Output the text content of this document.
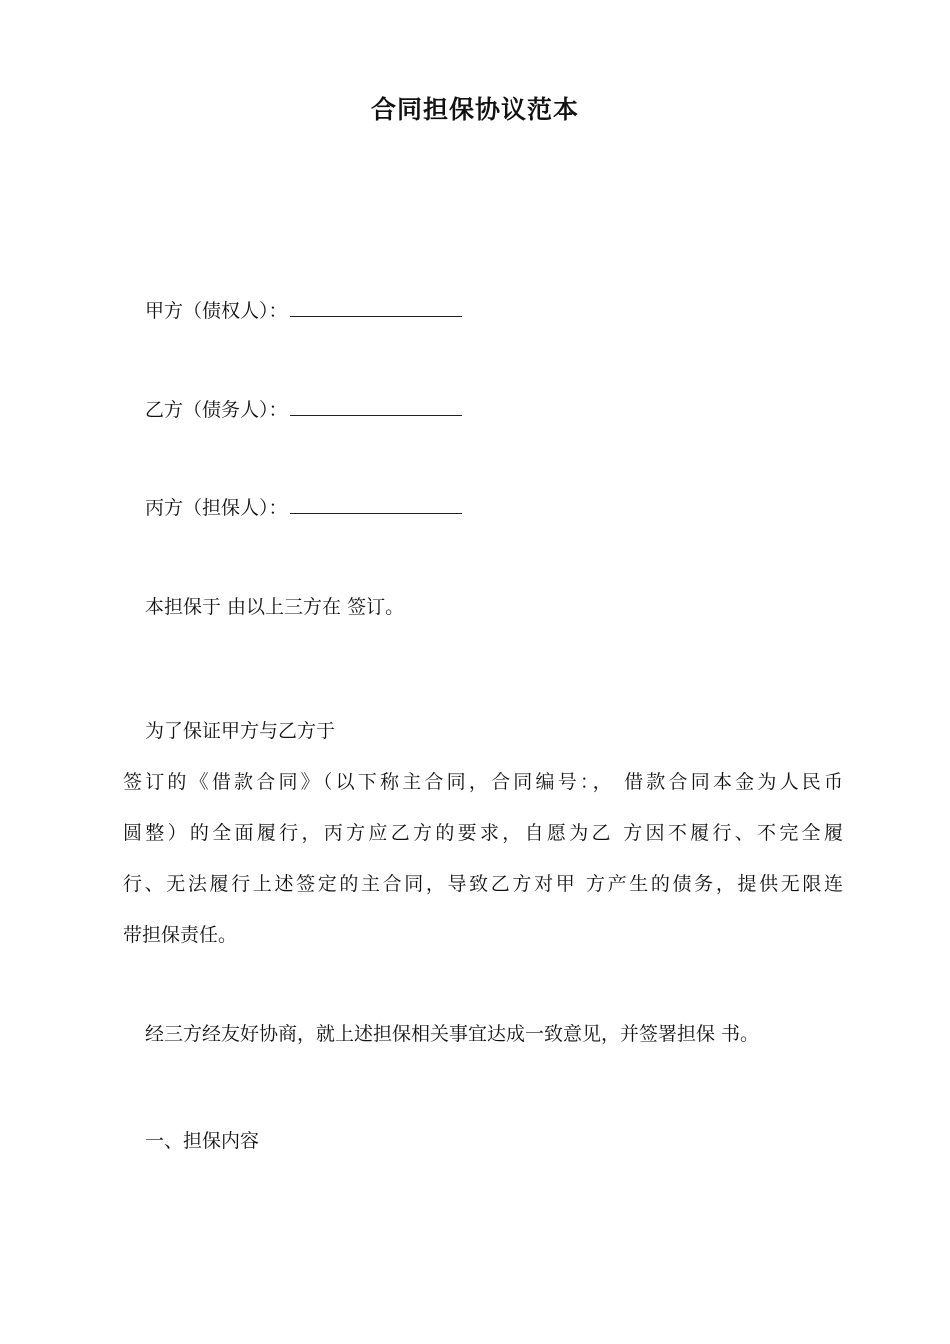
合同担保协议范本
甲方（债权人）：
乙方（债务人）：
丙方（担保人）：
本担保于 由以上三方在 签订。
为了保证甲方与乙方于
签订的《借款合同》（以下称主合同，合同编号：， 借款合同本金为人民币
圆整）的全面履行，丙方应乙方的要求，自愿为乙 方因不履行、不完全履
行、无法履行上述签定的主合同，导致乙方对甲 方产生的债务，提供无限连
带担保责任。
经三方经友好协商，就上述担保相关事宜达成一致意见，并签署担保 书。
一、担保内容
